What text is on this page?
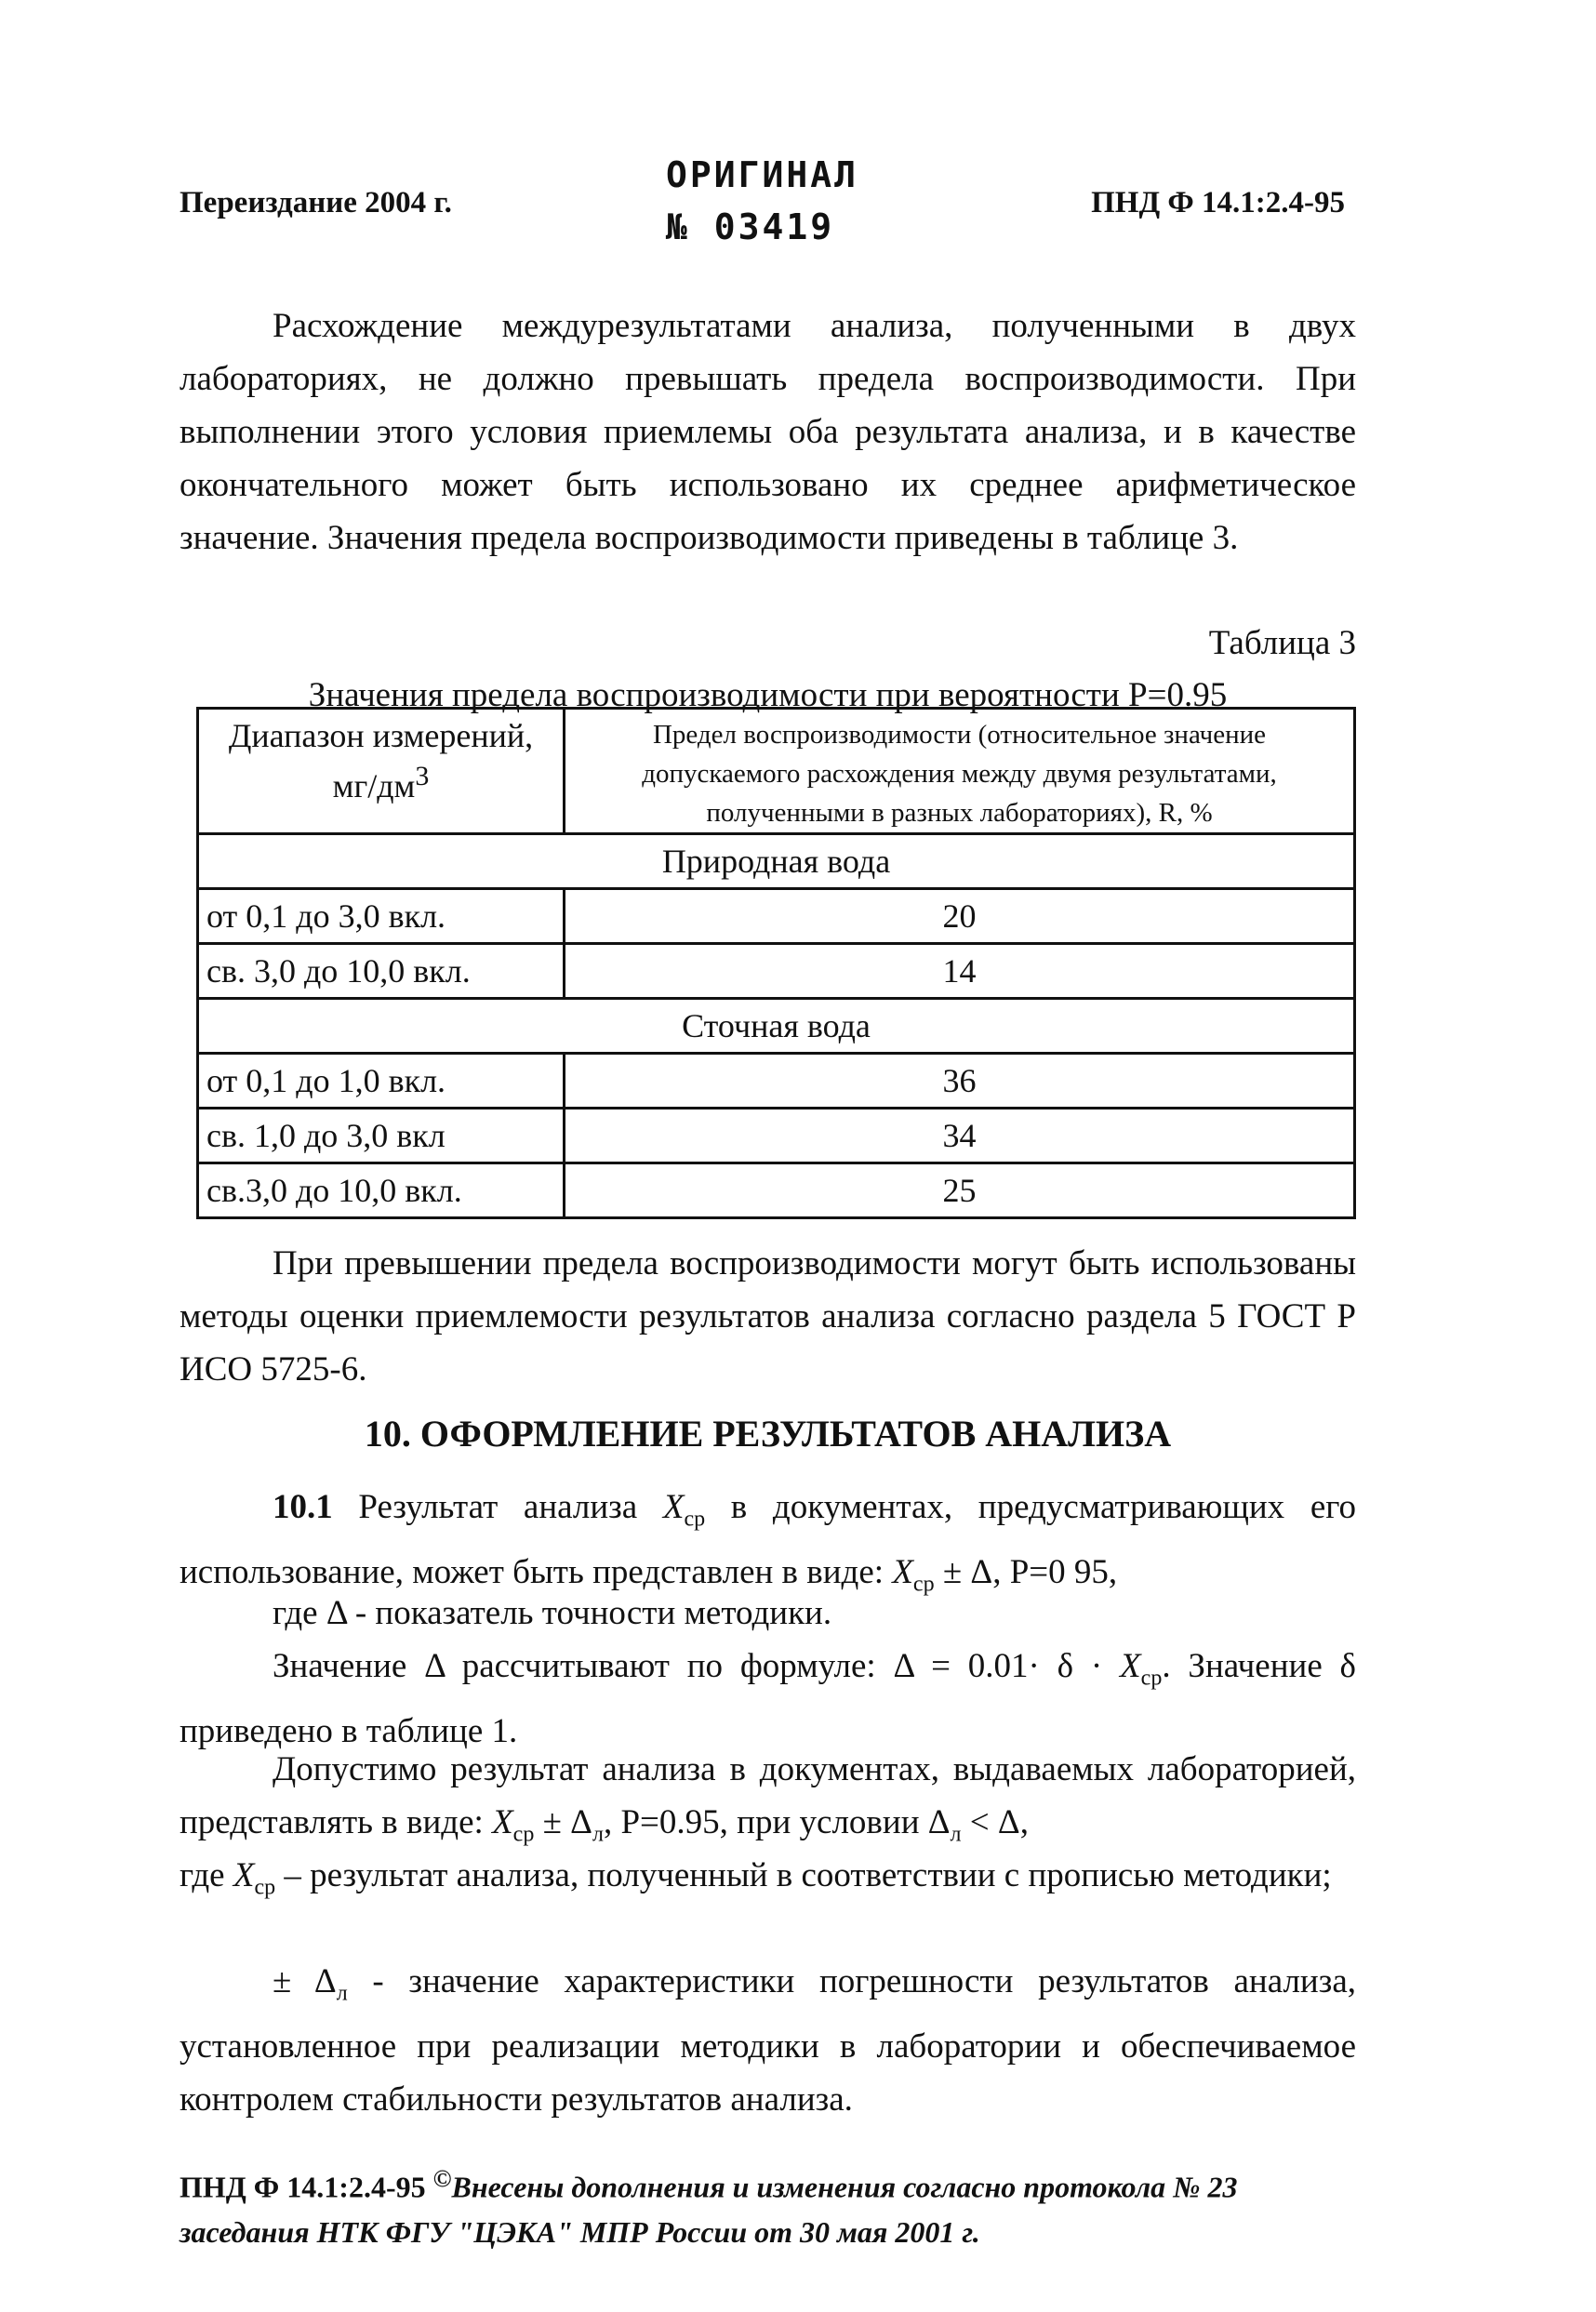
Переиздание 2004 г.
ОРИГИНАЛ
№ 03419
ПНД Ф 14.1:2.4-95
Расхождение междурезультатами анализа, полученными в двух лабораториях, не должно превышать предела воспроизводимости. При выполнении этого условия приемлемы оба результата анализа, и в качестве окончательного может быть использовано их среднее арифметическое значение. Значения предела воспроизводимости приведены в таблице 3.
Таблица 3
Значения предела воспроизводимости при вероятности Р=0.95
Диапазон измерений, $мг/дм^3$	Предел воспроизводимости (относительное значение допускаемого расхождения между двумя результатами, полученными в разных лабораториях), R, %
Природная вода	
от 0,1 до 3,0 вкл.	20
св. 3,0 до 10,0 вкл.	14
Сточная вода	
от 0,1 до 1,0 вкл.	36
св. 1,0 до 3,0 вкл	34
св.3,0 до 10,0 вкл.	25
При превышении предела воспроизводимости могут быть использованы методы оценки приемлемости результатов анализа согласно раздела 5 ГОСТ Р ИСО 5725-6.
10. ОФОРМЛЕНИЕ РЕЗУЛЬТАТОВ АНАЛИЗА
10.1 Результат анализа $X_{ср}$ в документах, предусматривающих его использование, может быть представлен в виде: $X_{ср} \pm \Delta$, Р=0 95,
где Δ - показатель точности методики.
Значение Δ рассчитывают по формуле: $\Delta = 0.01\cdot \delta \cdot X_{ср}$. Значение δ приведено в таблице 1.
Допустимо результат анализа в документах, выдаваемых лабораторией, представлять в виде: $X_{ср} \pm \Delta_л$, Р=0.95, при условии $\Delta_л < \Delta$,
где $X_{ср}$ – результат анализа, полученный в соответствии с прописью методики;
± $\Delta_л$ - значение характеристики погрешности результатов анализа, установленное при реализации методики в лаборатории и обеспечиваемое контролем стабильности результатов анализа.
ПНД Ф 14.1:2.4-95 ©Внесены дополнения и изменения согласно протокола № 23 заседания НТК ФГУ "ЦЭКА" МПР России от 30 мая 2001 г.
